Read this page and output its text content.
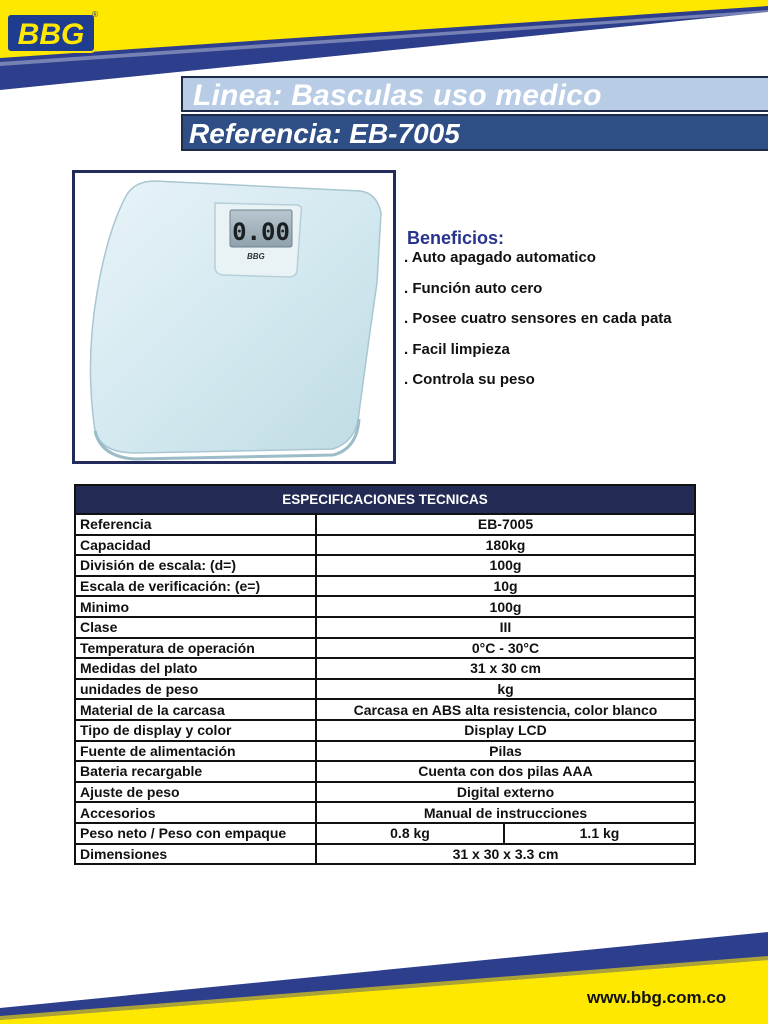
BBG
®
Linea: Basculas uso medico
Referencia: EB-7005
0.00
BBG
Beneficios:
. Auto apagado automatico
. Función auto cero
. Posee cuatro sensores en cada pata
. Facil limpieza
. Controla su peso
ESPECIFICACIONES TECNICAS		
Referencia	EB-7005	
Capacidad	180kg	
División de escala: (d=)	100g	
Escala de verificación: (e=)	10g	
Minimo	100g	
Clase	III	
Temperatura de operación	0°C - 30°C	
Medidas del plato	31 x 30 cm	
unidades de peso	kg	
Material de la carcasa	Carcasa en ABS alta resistencia, color blanco	
Tipo de display y color	Display LCD	
Fuente de alimentación	Pilas	
Bateria recargable	Cuenta con dos pilas AAA	
Ajuste de peso	Digital externo	
Accesorios	Manual de instrucciones	
Peso neto / Peso con empaque	0.8 kg	1.1 kg
Dimensiones	31 x 30 x 3.3 cm	
www.bbg.com.co
